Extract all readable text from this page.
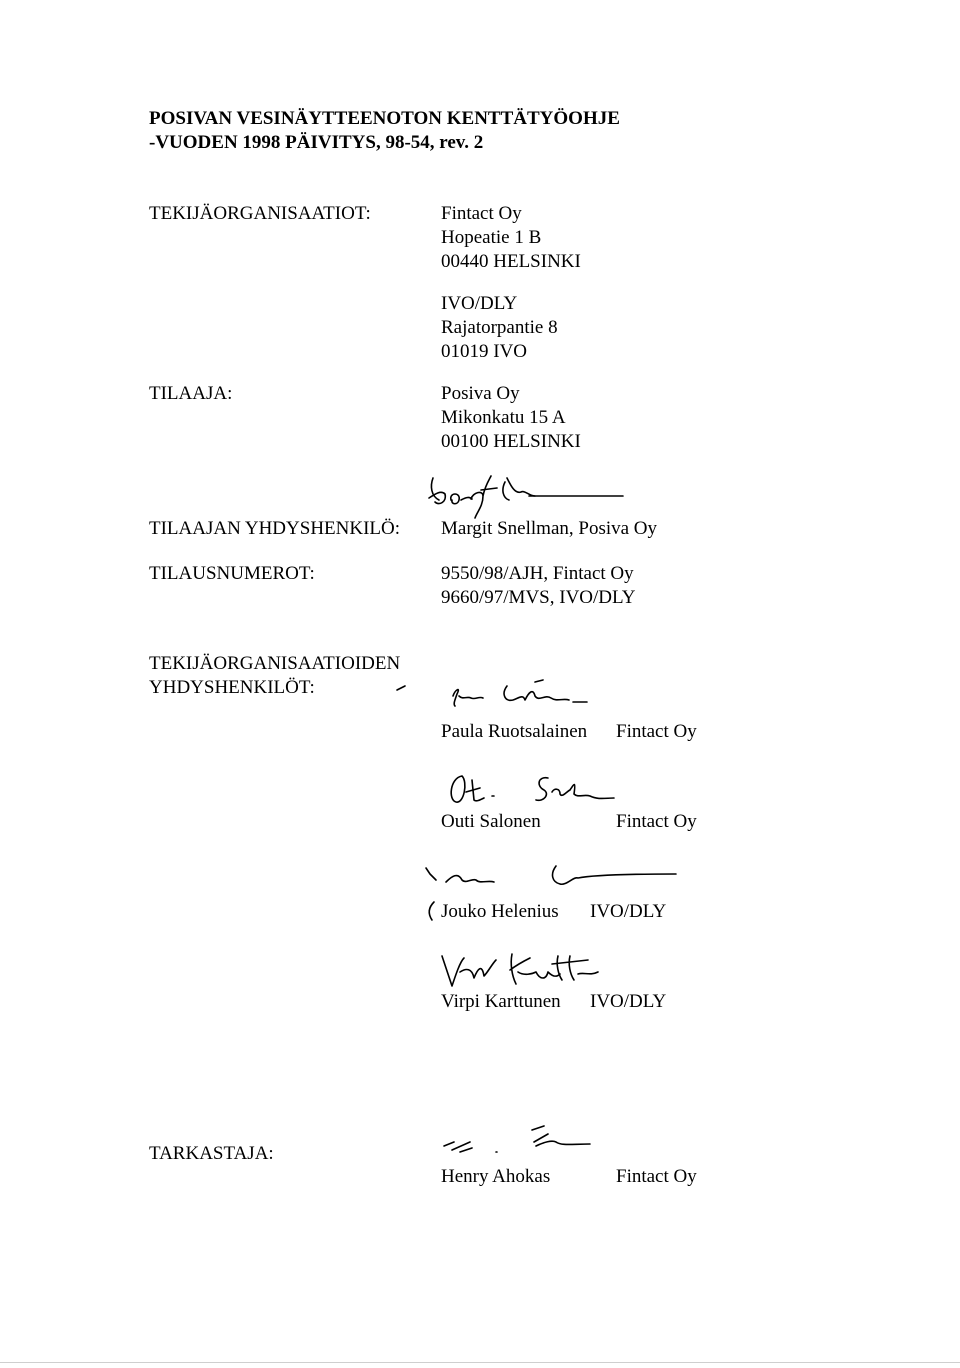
POSIVAN VESINÄYTTEENOTON KENTTÄTYÖOHJE
-VUODEN 1998 PÄIVITYS, 98-54, rev. 2
TEKIJÄORGANISAATIOT:	Fintact Oy
Hopeatie 1 B
00440 HELSINKI
IVO/DLY
Rajatorpantie 8
01019 IVO
TILAAJA:	Posiva Oy
Mikonkatu 15 A
00100 HELSINKI
TILAAJAN YHDYSHENKILÖ: Margit Snellman, Posiva Oy
TILAUSNUMEROT:	9550/98/AJH, Fintact Oy
9660/97/MVS, IVO/DLY
TEKIJÄORGANISAATIOIDEN
YHDYSHENKILÖT:
Paula Ruotsalainen Fintact Oy
Outi Salonen	Fintact Oy
Jouko Helenius IVO/DLY
Virpi Karttunen IVO/DLY
TARKASTAJA:
Henry Ahokas	Fintact Oy
